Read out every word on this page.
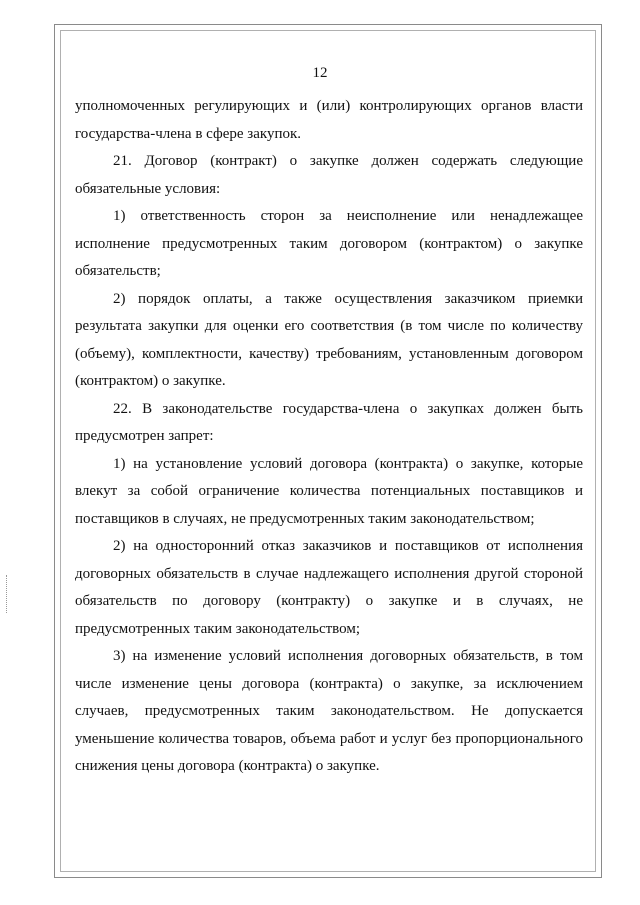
12

уполномоченных регулирующих и (или) контролирующих органов власти государства-члена в сфере закупок.

21. Договор (контракт) о закупке должен содержать следующие обязательные условия:

1) ответственность сторон за неисполнение или ненадлежащее исполнение предусмотренных таким договором (контрактом) о закупке обязательств;

2) порядок оплаты, а также осуществления заказчиком приемки результата закупки для оценки его соответствия (в том числе по количеству (объему), комплектности, качеству) требованиям, установленным договором (контрактом) о закупке.

22. В законодательстве государства-члена о закупках должен быть предусмотрен запрет:

1) на установление условий договора (контракта) о закупке, которые влекут за собой ограничение количества потенциальных поставщиков и поставщиков в случаях, не предусмотренных таким законодательством;

2) на односторонний отказ заказчиков и поставщиков от исполнения договорных обязательств в случае надлежащего исполнения другой стороной обязательств по договору (контракту) о закупке и в случаях, не предусмотренных таким законодательством;

3) на изменение условий исполнения договорных обязательств, в том числе изменение цены договора (контракта) о закупке, за исключением случаев, предусмотренных таким законодательством. Не допускается уменьшение количества товаров, объема работ и услуг без пропорционального снижения цены договора (контракта) о закупке.
